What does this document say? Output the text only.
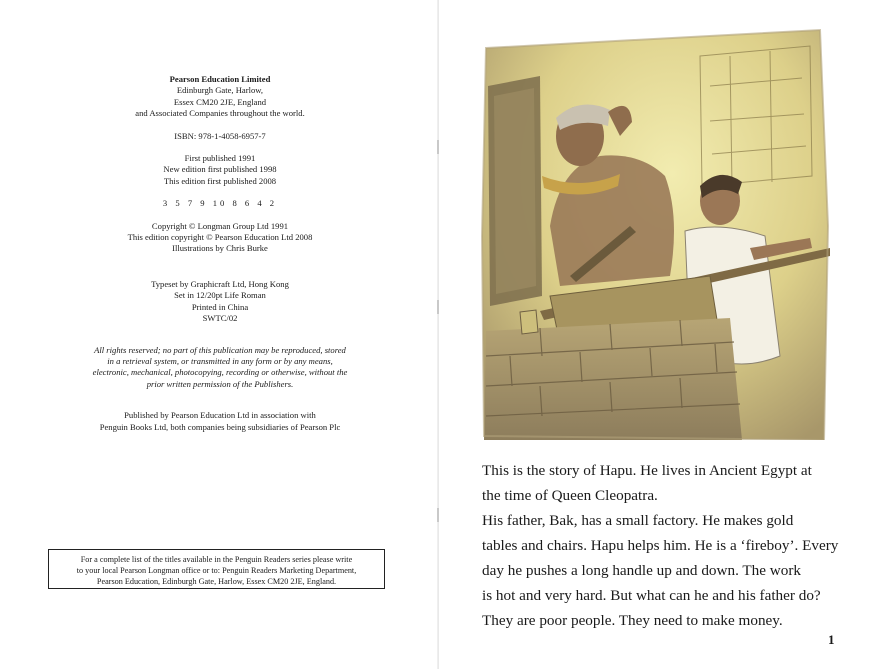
Pearson Education Limited
Edinburgh Gate, Harlow,
Essex CM20 2JE, England
and Associated Companies throughout the world.
ISBN: 978-1-4058-6957-7
First published 1991
New edition first published 1998
This edition first published 2008
3 5 7 9 10 8 6 4 2
Copyright © Longman Group Ltd 1991
This edition copyright © Pearson Education Ltd 2008
Illustrations by Chris Burke
Typeset by Graphicraft Ltd, Hong Kong
Set in 12/20pt Life Roman
Printed in China
SWTC/02
All rights reserved; no part of this publication may be reproduced, stored
in a retrieval system, or transmitted in any form or by any means,
electronic, mechanical, photocopying, recording or otherwise, without the
prior written permission of the Publishers.
Published by Pearson Education Ltd in association with
Penguin Books Ltd, both companies being subsidiaries of Pearson Plc
For a complete list of the titles available in the Penguin Readers series please write
to your local Pearson Longman office or to: Penguin Readers Marketing Department,
Pearson Education, Edinburgh Gate, Harlow, Essex CM20 2JE, England.
This is the story of Hapu. He lives in Ancient Egypt at
the time of Queen Cleopatra.
His father, Bak, has a small factory. He makes gold
tables and chairs. Hapu helps him. He is a ‘fireboy’. Every
day he pushes a long handle up and down. The work
is hot and very hard. But what can he and his father do?
They are poor people. They need to make money.
1
